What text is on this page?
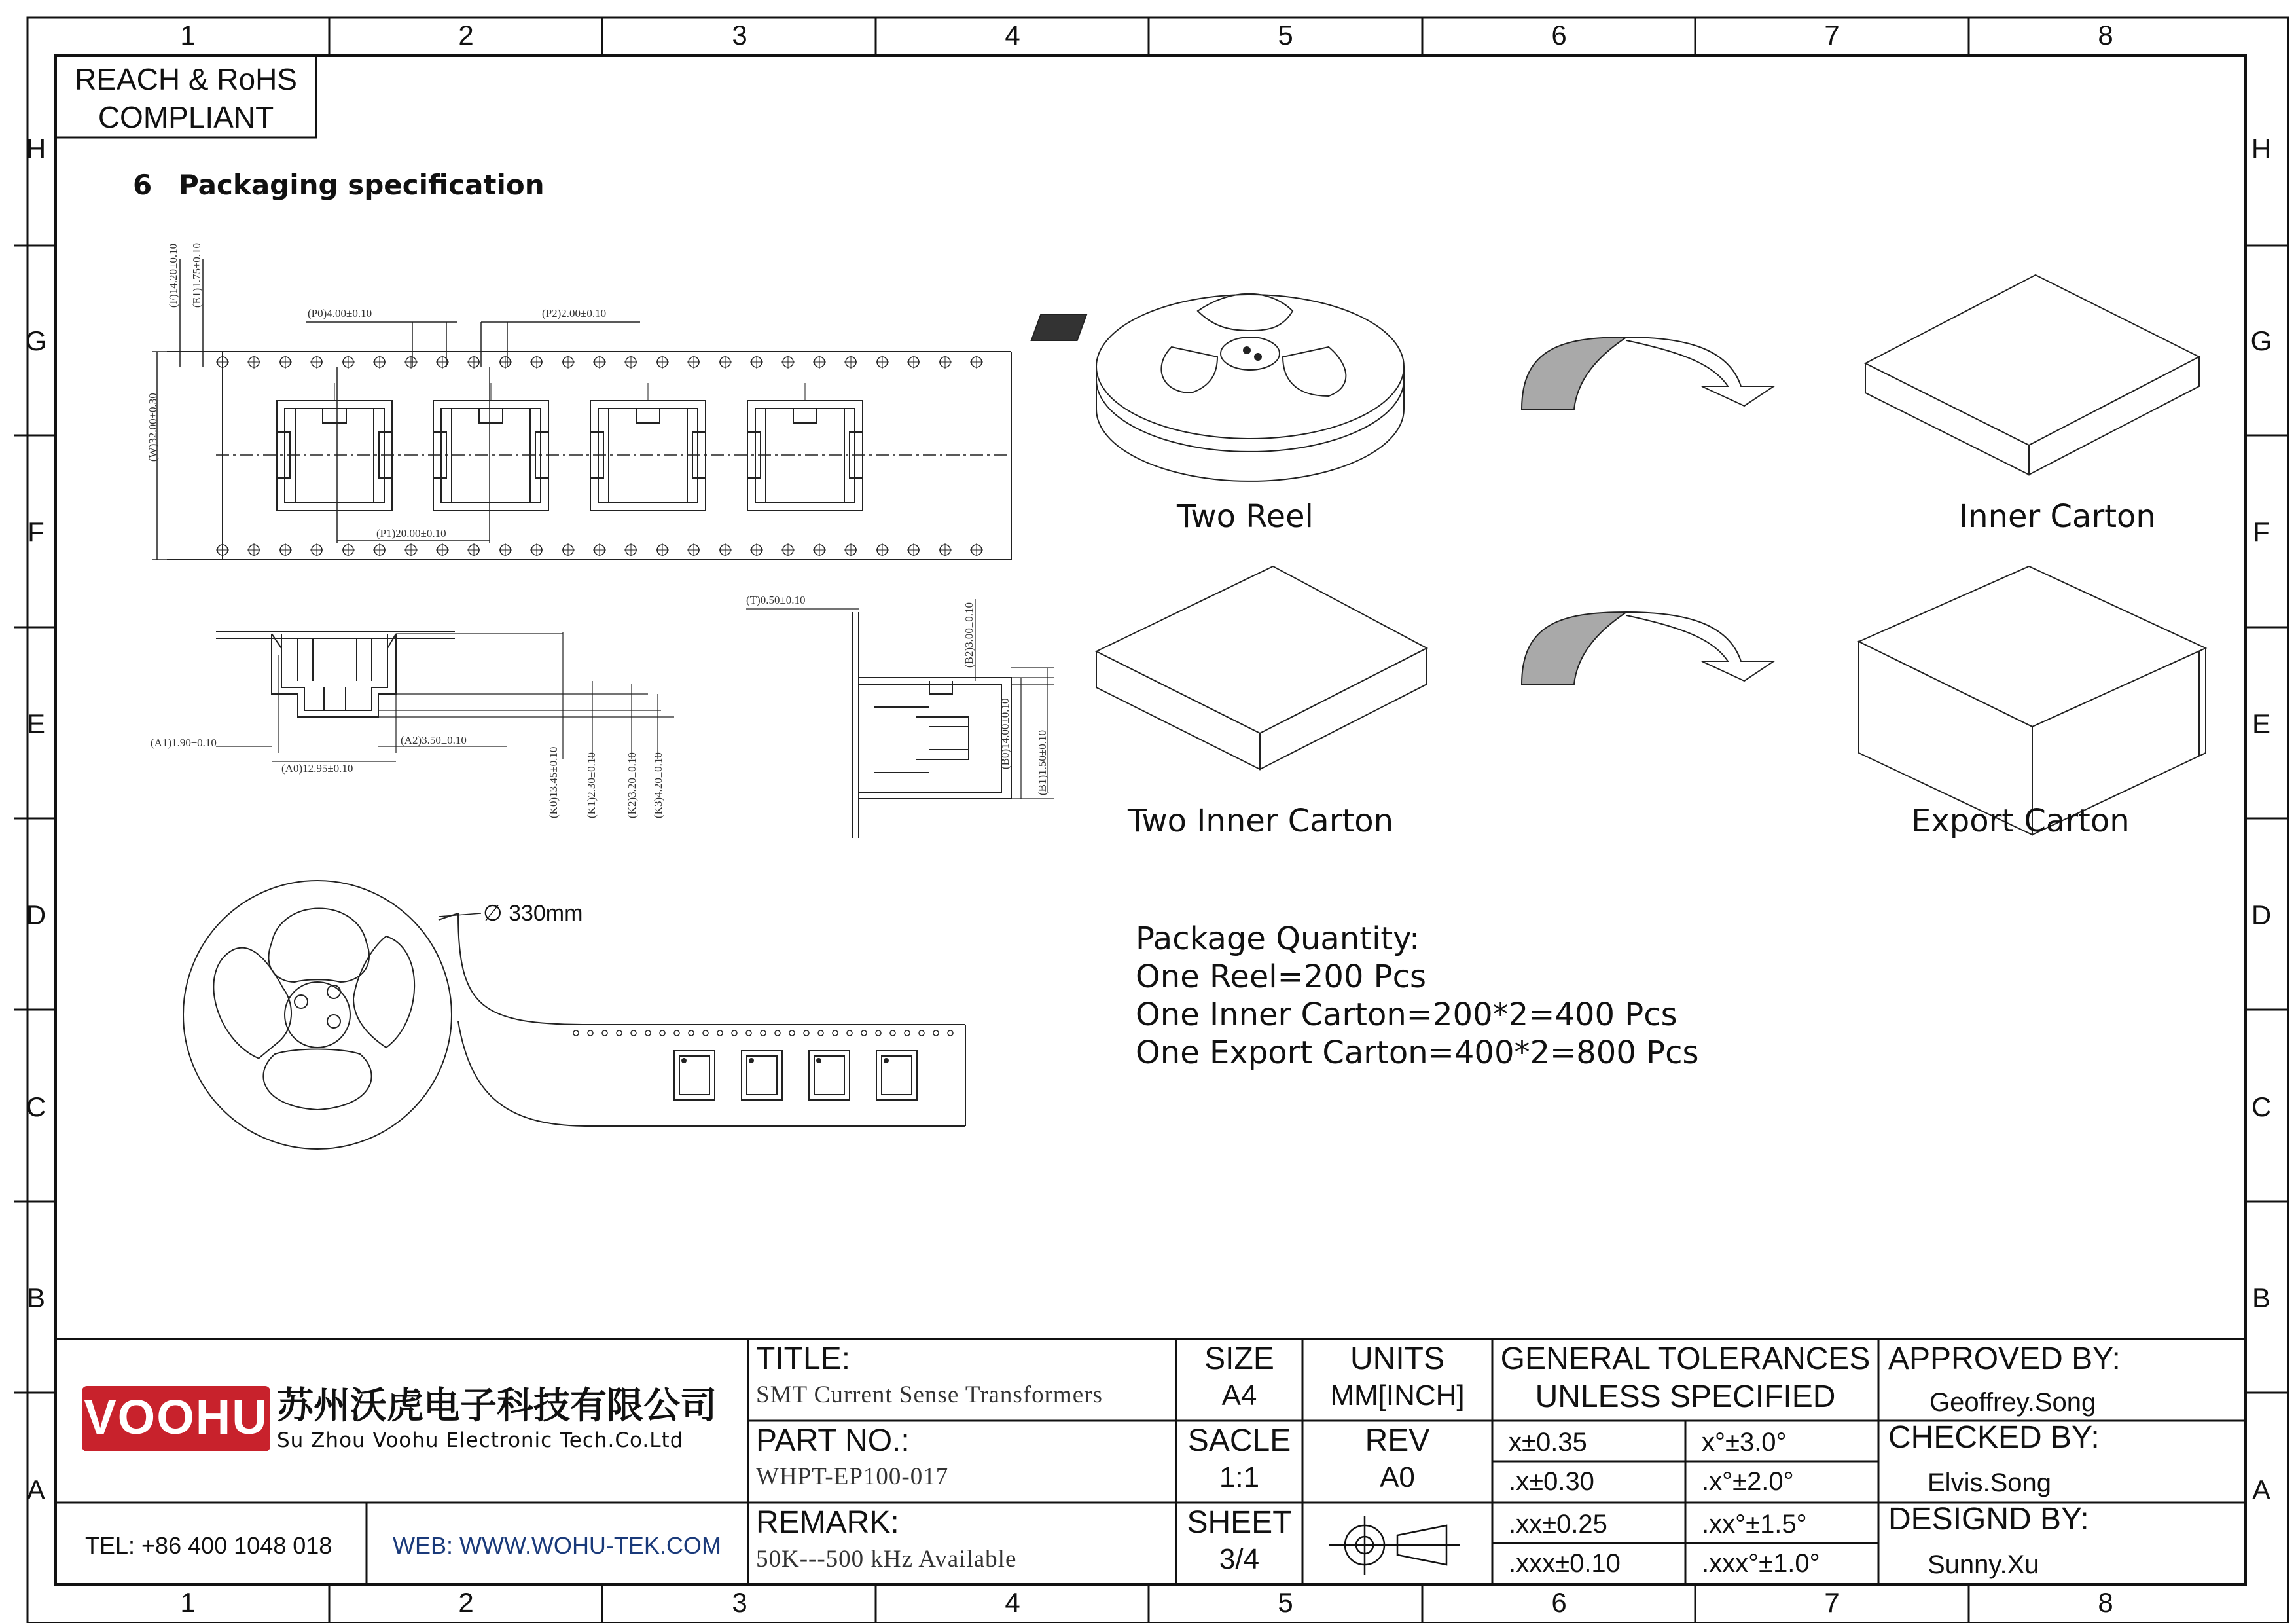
1	2	3	4	5	6	7	8
1	2	3	4	5	6	7	8
H
G
F
E
D
C
B
A
H
G
F
E
D
C
B
A
REACH & RoHS
COMPLIANT
6 Packaging specification
(F)14.20±0.10 (E1)1.75±0.10
(P0)4.00±0.10	(P2)2.00±0.10
(W)32.00±0.30
(P1)20.00±0.10
(A1)1.90±0.10
(A0)12.95±0.10
(A2)3.50±0.10
(K0)13.45±0.10 (K1)2.30±0.10	(K2)3.20±0.10 (K3)4.20±0.10
(T)0.50±0.10
(B2)3.00±0.10
(B0)14.00±0.10 (B1)1.50±0.10
∅ 330mm
Two Reel	Inner Carton
Two Inner Carton	Export Carton
Package Quantity:
One Reel=200 Pcs
One Inner Carton=200*2=400 Pcs
One Export Carton=400*2=800 Pcs
VOOHU 苏州沃虎电子科技有限公司
Su Zhou Voohu Electronic Tech.Co.Ltd
TEL: +86 400 1048 018	WEB: WWW.WOHU-TEK.COM
TITLE:
SMT Current Sense Transformers
PART NO.:
WHPT-EP100-017
REMARK:
50K---500 kHz Available
SIZE
A4
UNITS
MM[INCH]
SACLE
1:1
REV
A0
SHEET
3/4
GENERAL TOLERANCES
UNLESS SPECIFIED
x±0.35	x°±3.0°
.x±0.30	.x°±2.0°
.xx±0.25	.xx°±1.5°
.xxx±0.10	.xxx°±1.0°
APPROVED BY:
Geoffrey.Song
CHECKED BY:
Elvis.Song
DESIGND BY:
Sunny.Xu
